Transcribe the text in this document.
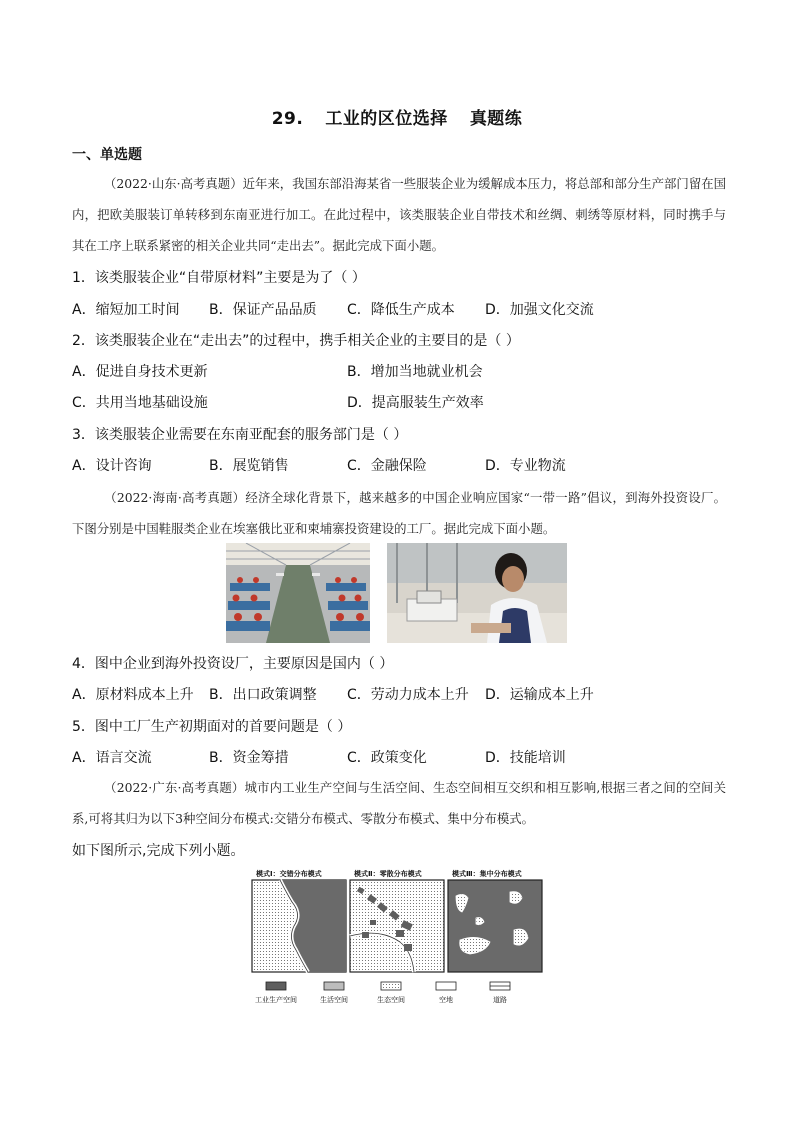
29. 工业的区位选择 真题练
一、单选题
（2022·山东·高考真题）近年来，我国东部沿海某省一些服装企业为缓解成本压力，将总部和部分生产部门留在国内，把欧美服装订单转移到东南亚进行加工。在此过程中，该类服装企业自带技术和丝绸、刺绣等原材料，同时携手与其在工序上联系紧密的相关企业共同“走出去”。据此完成下面小题。
1．该类服装企业“自带原材料”主要是为了（ ）
A．缩短加工时间 B．保证产品品质 C．降低生产成本 D．加强文化交流
2．该类服装企业在“走出去”的过程中，携手相关企业的主要目的是（ ）
A．促进自身技术更新	B．增加当地就业机会
C．共用当地基础设施	D．提高服装生产效率
3．该类服装企业需要在东南亚配套的服务部门是（ ）
A．设计咨询	B．展览销售	C．金融保险	D．专业物流
（2022·海南·高考真题）经济全球化背景下，越来越多的中国企业响应国家“一带一路”倡议，到海外投资设厂。下图分别是中国鞋服类企业在埃塞俄比亚和柬埔寨投资建设的工厂。据此完成下面小题。
4．图中企业到海外投资设厂，主要原因是国内（ ）
A．原材料成本上升 B．出口政策调整 C．劳动力成本上升 D．运输成本上升
5．图中工厂生产初期面对的首要问题是（ ）
A．语言交流	B．资金筹措	C．政策变化	D．技能培训
（2022·广东·高考真题）城市内工业生产空间与生活空间、生态空间相互交织和相互影响,根据三者之间的空间关系,可将其归为以下3种空间分布模式:交错分布模式、零散分布模式、集中分布模式。
如下图所示,完成下列小题。
模式Ⅰ：交错分布模式	模式Ⅱ：零散分布模式	模式Ⅲ：集中分布模式
工业生产空间	生活空间	生态空间	空地	道路
